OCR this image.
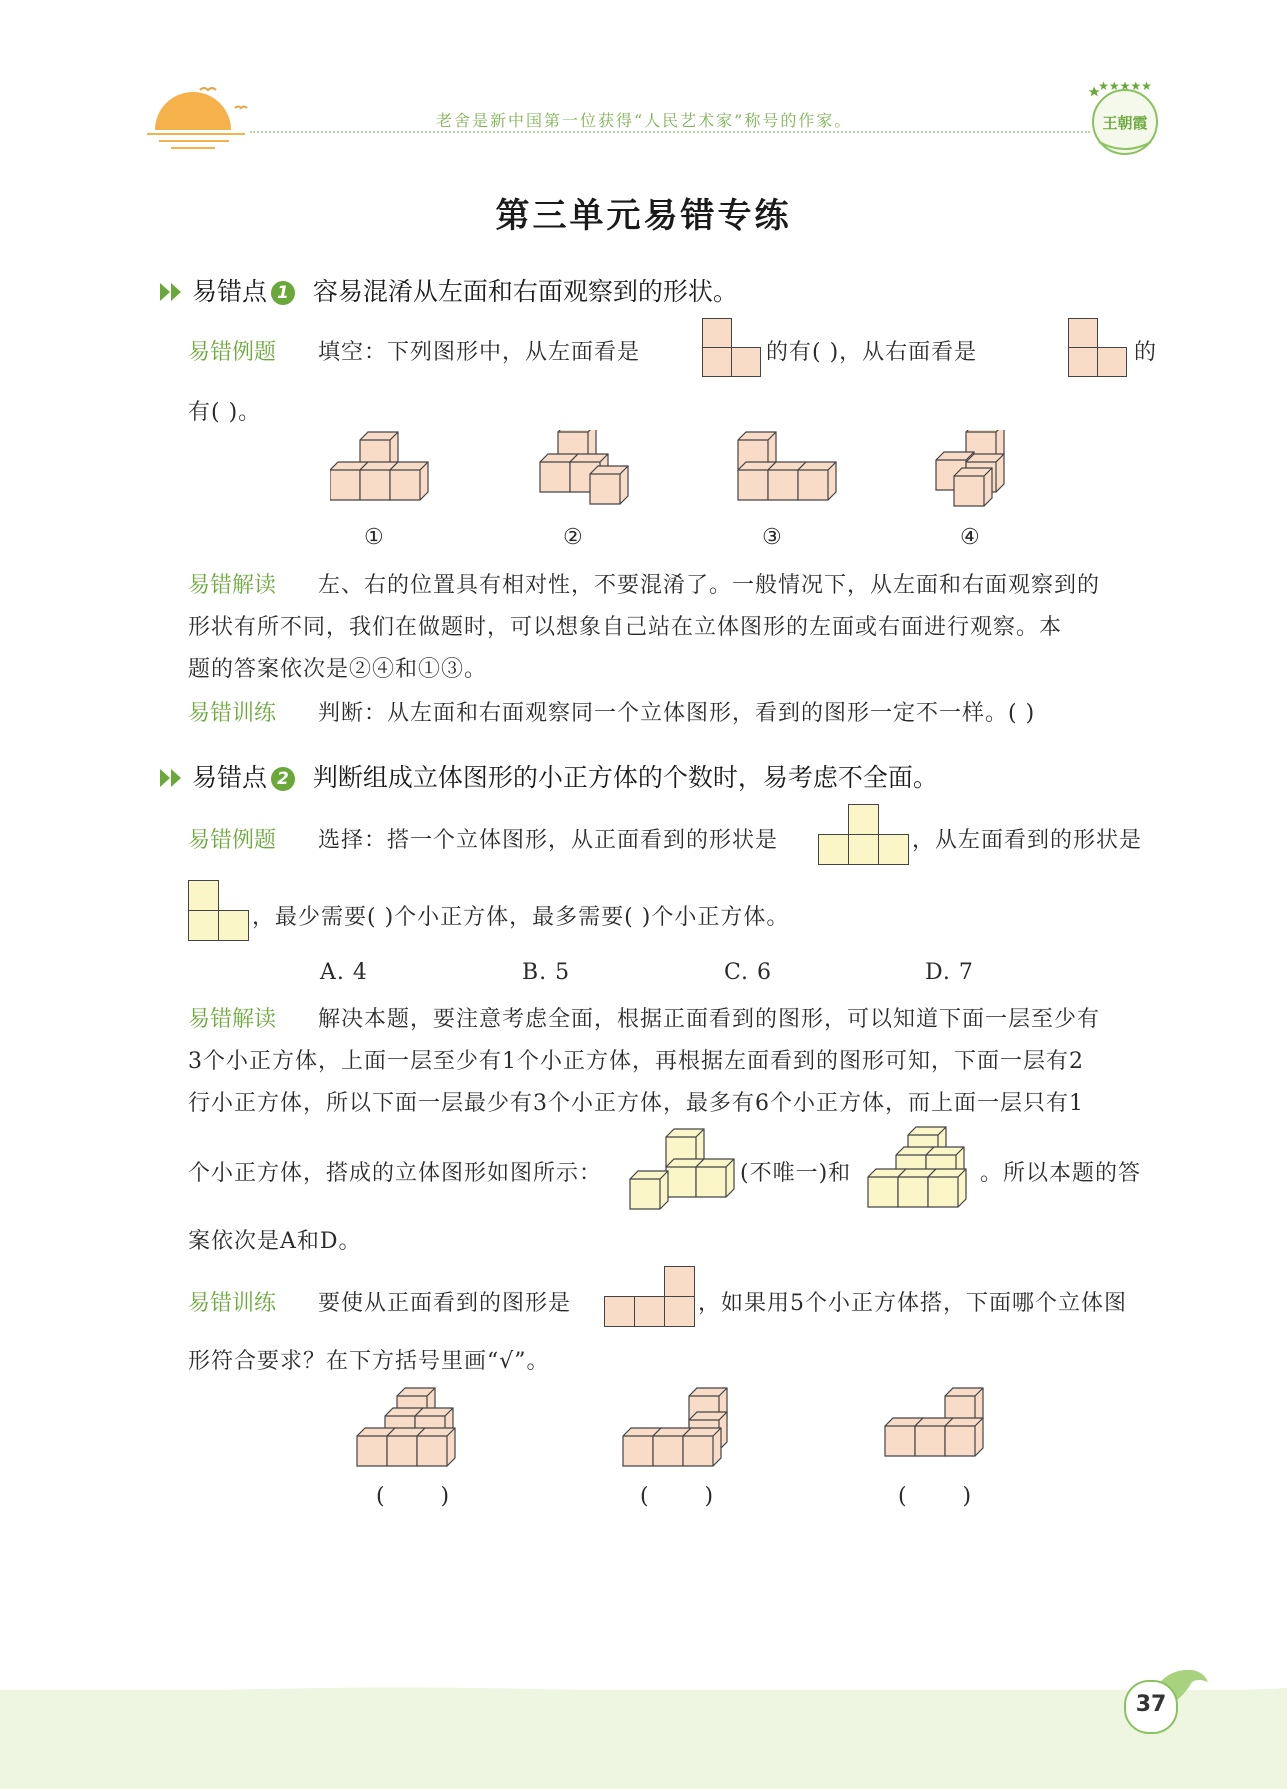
老舍是新中国第一位获得“人民艺术家”称号的作家。
★★★★★
王朝霞
第三单元易错专练
易错点 1 容易混淆从左面和右面观察到的形状。
易错例题 填空：下列图形中，从左面看是	的有( )，从右面看是	的
有( )。
①	②	③	④
易错解读 左、右的位置具有相对性，不要混淆了。一般情况下，从左面和右面观察到的
形状有所不同，我们在做题时，可以想象自己站在立体图形的左面或右面进行观察。本
题的答案依次是②④和①③。
易错训练 判断：从左面和右面观察同一个立体图形，看到的图形一定不一样。( )
易错点 2 判断组成立体图形的小正方体的个数时，易考虑不全面。
易错例题 选择：搭一个立体图形，从正面看到的形状是	，从左面看到的形状是
，最少需要( )个小正方体，最多需要( )个小正方体。
A. 4	B. 5	C. 6	D. 7
易错解读 解决本题，要注意考虑全面，根据正面看到的图形，可以知道下面一层至少有
3个小正方体，上面一层至少有1个小正方体，再根据左面看到的图形可知，下面一层有2
行小正方体，所以下面一层最少有3个小正方体，最多有6个小正方体，而上面一层只有1
个小正方体，搭成的立体图形如图所示：	(不唯一)和	。所以本题的答
案依次是A和D。
易错训练 要使从正面看到的图形是	，如果用5个小正方体搭，下面哪个立体图
形符合要求？在下方括号里画“√”。
(        )	(        )	(        )
37
